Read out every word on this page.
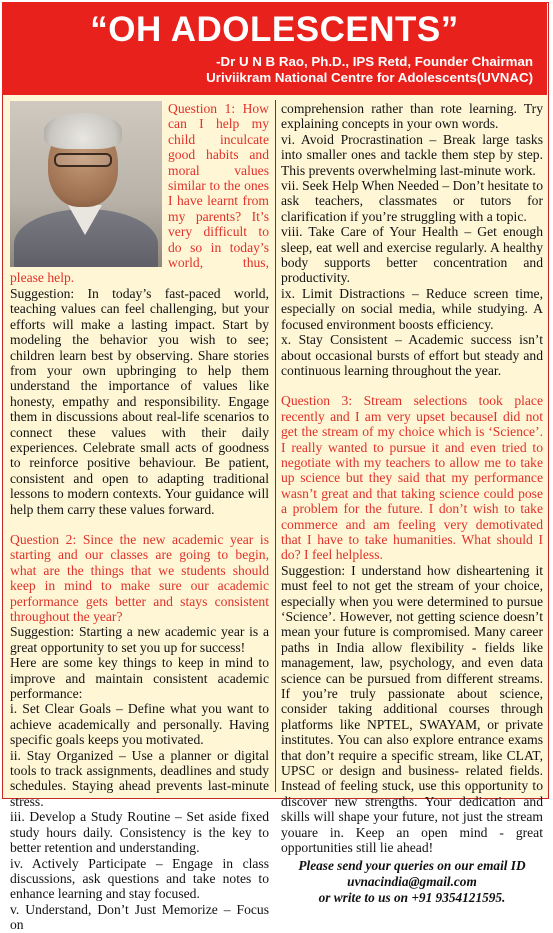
“OH ADOLESCENTS”
-Dr U N B Rao, Ph.D., IPS Retd, Founder Chairman
Uriviikram National Centre for Adolescents(UVNAC)

Question 1: How can I help my child inculcate good habits and moral values similar to the ones I have learnt from my parents? It’s very difficult to do so in today’s world, thus, please help.

Suggestion: In today’s fast-paced world, teaching values can feel challenging, but your efforts will make a lasting impact. Start by modeling the behavior you wish to see; children learn best by observing. Share stories from your own upbringing to help them understand the importance of values like honesty, empathy and responsibility. Engage them in discussions about real-life scenarios to connect these values with their daily experiences. Celebrate small acts of goodness to reinforce positive behaviour. Be patient, consistent and open to adapting traditional lessons to modern contexts. Your guidance will help them carry these values forward.

Question 2: Since the new academic year is starting and our classes are going to begin, what are the things that we students should keep in mind to make sure our academic performance gets better and stays consistent throughout the year?

Suggestion: Starting a new academic year is a great opportunity to set you up for success!

Here are some key things to keep in mind to improve and maintain consistent academic performance:

i. Set Clear Goals – Define what you want to achieve academically and personally. Having specific goals keeps you motivated.

ii. Stay Organized – Use a planner or digital tools to track assignments, deadlines and study schedules. Staying ahead prevents last-minute stress.

iii. Develop a Study Routine – Set aside fixed study hours daily. Consistency is the key to better retention and understanding.

iv. Actively Participate – Engage in class discussions, ask questions and take notes to enhance learning and stay focused.

v. Understand, Don’t Just Memorize – Focus on

comprehension rather than rote learning. Try explaining concepts in your own words.

vi. Avoid Procrastination – Break large tasks into smaller ones and tackle them step by step. This prevents overwhelming last-minute work.

vii. Seek Help When Needed – Don’t hesitate to ask teachers, classmates or tutors for clarification if you’re struggling with a topic.

viii. Take Care of Your Health – Get enough sleep, eat well and exercise regularly. A healthy body supports better concentration and productivity.

ix. Limit Distractions – Reduce screen time, especially on social media, while studying. A focused environment boosts efficiency.

x. Stay Consistent – Academic success isn’t about occasional bursts of effort but steady and continuous learning throughout the year.

Question 3: Stream selections took place recently and I am very upset becauseI did not get the stream of my choice which is ‘Science’. I really wanted to pursue it and even tried to negotiate with my teachers to allow me to take up science but they said that my performance wasn’t great and that taking science could pose a problem for the future. I don’t wish to take commerce and am feeling very demotivated that I have to take humanities. What should I do? I feel helpless.

Suggestion: I understand how disheartening it must feel to not get the stream of your choice, especially when you were determined to pursue ‘Science’. However, not getting science doesn’t mean your future is compromised. Many career paths in India allow flexibility - fields like management, law, psychology, and even data science can be pursued from different streams. If you’re truly passionate about science, consider taking additional courses through platforms like NPTEL, SWAYAM, or private institutes. You can also explore entrance exams that don’t require a specific stream, like CLAT, UPSC or design and business- related fields. Instead of feeling stuck, use this opportunity to discover new strengths. Your dedication and skills will shape your future, not just the stream youare in. Keep an open mind - great opportunities still lie ahead!

Please send your queries on our email ID
uvnacindia@gmail.com
or write to us on +91 9354121595.
